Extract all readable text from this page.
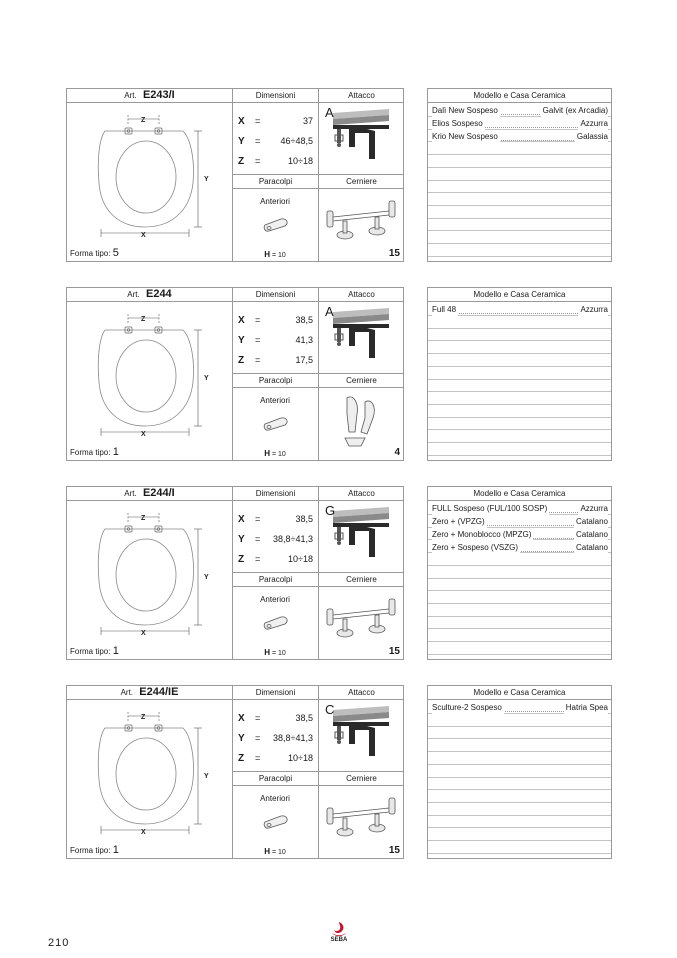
Art. E243/I	Dimensioni	Attacco
Z
X
Y
Forma tipo: 5
X =	37
Y = 46÷48,5
Z =	10÷18
A
Paracolpi	Cerniere
Anteriori
H = 10	15
Modello e Casa Ceramica
Dalì New Sospeso	Galvit (ex Arcadia)
Elios Sospeso	Azzurra
Krio New Sospeso	Galassia
Art. E244	Dimensioni	Attacco
Z
X
Y
Forma tipo: 1
X =	38,5
Y =	41,3
Z =	17,5
A
Paracolpi	Cerniere
Anteriori
H = 10	4
Modello e Casa Ceramica
Full 48	Azzurra
Art. E244/I	Dimensioni	Attacco
Z
X
Y
Forma tipo: 1
X =	38,5
Y = 38,8÷41,3
Z =	10÷18
G
Paracolpi	Cerniere
Anteriori
H = 10	15
Modello e Casa Ceramica
FULL Sospeso (FUL/100 SOSP)	Azzurra
Zero + (VPZG)	Catalano
Zero + Monoblocco (MPZG)	Catalano
Zero + Sospeso (VSZG)	Catalano
Art. E244/IE	Dimensioni	Attacco
Z
X
Y
Forma tipo: 1
X =	38,5
Y = 38,8÷41,3
Z =	10÷18
C
Paracolpi	Cerniere
Anteriori
H = 10	15
Modello e Casa Ceramica
Sculture-2 Sospeso	Hatria Spea
210	SEBA
